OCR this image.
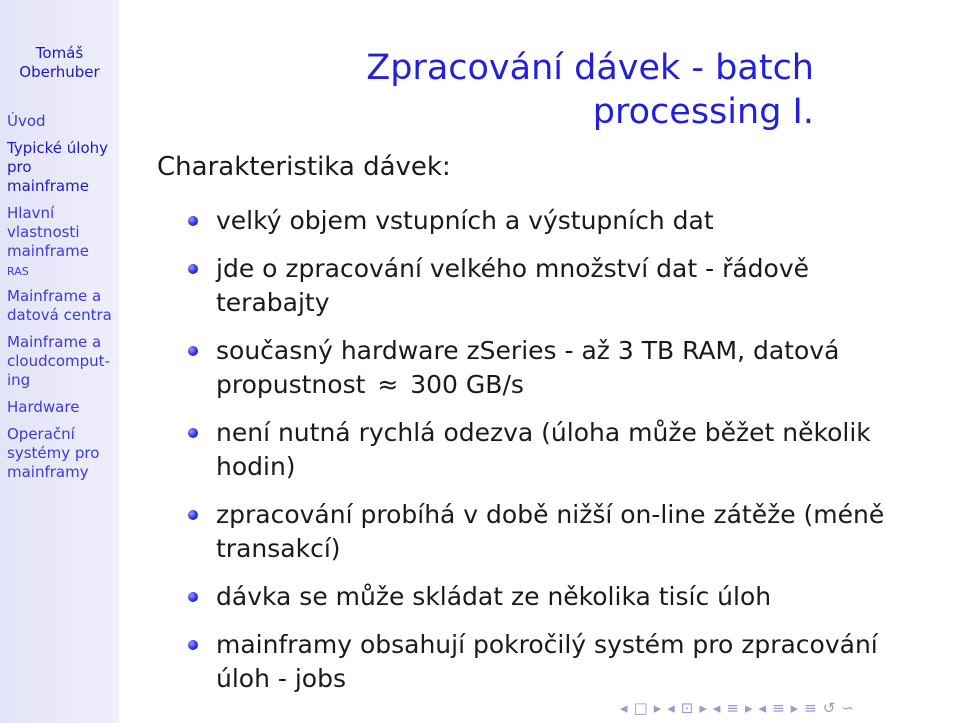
Tomáš
Oberhuber
Úvod
Typické úlohy
pro mainframe
Hlavní
vlastnosti
mainframe
RAS
Mainframe a
datová centra
Mainframe a
cloudcomput-
ing
Hardware
Operační
systémy pro
mainframy
Zpracování dávek - batch
processing I.
Charakteristika dávek:
velký objem vstupních a výstupních dat
jde o zpracování velkého množství dat - řádově terabajty
současný hardware zSeries - až 3 TB RAM, datová propustnost ≈ 300 GB/s
není nutná rychlá odezva (úloha může běžet několik hodin)
zpracování probíhá v době nižší on-line zátěže (méně transakcí)
dávka se může skládat ze několika tisíc úloh
mainframy obsahují pokročilý systém pro zpracování úloh - jobs
◂ □ ▸ ◂ ⊡ ▸ ◂ ≡ ▸ ◂ ≡ ▸ ≡ ↺ ∽
